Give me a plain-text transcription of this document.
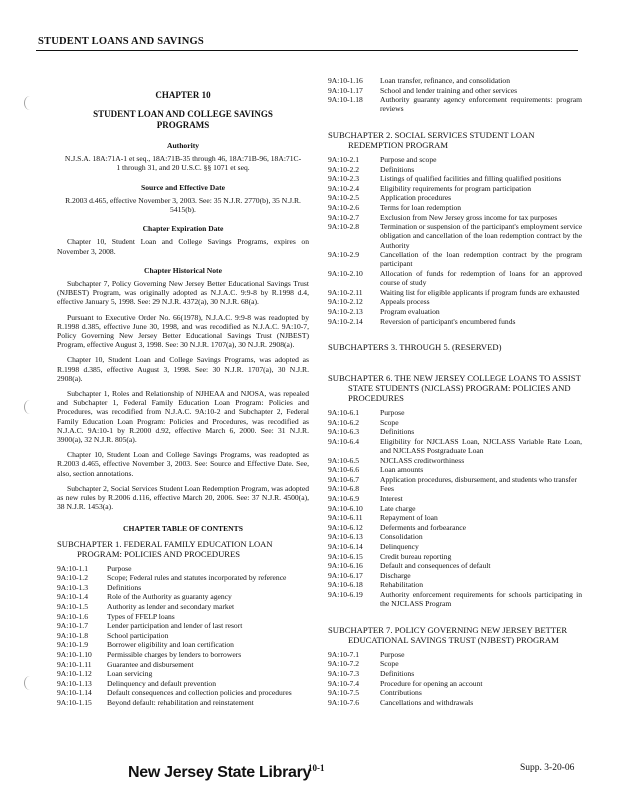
STUDENT LOANS AND SAVINGS
CHAPTER 10
STUDENT LOAN AND COLLEGE SAVINGS PROGRAMS
Authority
N.J.S.A. 18A:71A-1 et seq., 18A:71B-35 through 46, 18A:71B-96, 18A:71C-1 through 31, and 20 U.S.C. §§ 1071 et seq.
Source and Effective Date
R.2003 d.465, effective November 3, 2003. See: 35 N.J.R. 2770(b), 35 N.J.R. 5415(b).
Chapter Expiration Date
Chapter 10, Student Loan and College Savings Programs, expires on November 3, 2008.
Chapter Historical Note
Subchapter 7, Policy Governing New Jersey Better Educational Savings Trust (NJBEST) Program, was originally adopted as N.J.A.C. 9:9-8 by R.1998 d.4, effective January 5, 1998. See: 29 N.J.R. 4372(a), 30 N.J.R. 68(a).
Pursuant to Executive Order No. 66(1978), N.J.A.C. 9:9-8 was readopted by R.1998 d.385, effective June 30, 1998, and was recodified as N.J.A.C. 9A:10-7, Policy Governing New Jersey Better Educational Savings Trust (NJBEST) Program, effective August 3, 1998. See: 30 N.J.R. 1707(a), 30 N.J.R. 2908(a).
Chapter 10, Student Loan and College Savings Programs, was adopted as R.1998 d.385, effective August 3, 1998. See: 30 N.J.R. 1707(a), 30 N.J.R. 2908(a).
Subchapter 1, Roles and Relationship of NJHEAA and NJOSA, was repealed and Subchapter 1, Federal Family Education Loan Program: Policies and Procedures, was recodified from N.J.A.C. 9A:10-2 and Subchapter 2, Federal Family Education Loan Program: Policies and Procedures, was recodified as N.J.A.C. 9A:10-1 by R.2000 d.92, effective March 6, 2000. See: 31 N.J.R. 3900(a), 32 N.J.R. 805(a).
Chapter 10, Student Loan and College Savings Programs, was readopted as R.2003 d.465, effective November 3, 2003. See: Source and Effective Date. See, also, section annotations.
Subchapter 2, Social Services Student Loan Redemption Program, was adopted as new rules by R.2006 d.116, effective March 20, 2006. See: 37 N.J.R. 4500(a), 38 N.J.R. 1453(a).
CHAPTER TABLE OF CONTENTS
SUBCHAPTER 1. FEDERAL FAMILY EDUCATION LOAN PROGRAM: POLICIES AND PROCEDURES
9A:10-1.1	Purpose
9A:10-1.2	Scope; Federal rules and statutes incorporated by reference
9A:10-1.3	Definitions
9A:10-1.4	Role of the Authority as guaranty agency
9A:10-1.5	Authority as lender and secondary market
9A:10-1.6	Types of FFELP loans
9A:10-1.7	Lender participation and lender of last resort
9A:10-1.8	School participation
9A:10-1.9	Borrower eligibility and loan certification
9A:10-1.10	Permissible charges by lenders to borrowers
9A:10-1.11	Guarantee and disbursement
9A:10-1.12	Loan servicing
9A:10-1.13	Delinquency and default prevention
9A:10-1.14	Default consequences and collection policies and procedures
9A:10-1.15	Beyond default: rehabilitation and reinstatement
9A:10-1.16	Loan transfer, refinance, and consolidation
9A:10-1.17	School and lender training and other services
9A:10-1.18	Authority guaranty agency enforcement requirements: program reviews
SUBCHAPTER 2. SOCIAL SERVICES STUDENT LOAN REDEMPTION PROGRAM
9A:10-2.1	Purpose and scope
9A:10-2.2	Definitions
9A:10-2.3	Listings of qualified facilities and filling qualified positions
9A:10-2.4	Eligibility requirements for program participation
9A:10-2.5	Application procedures
9A:10-2.6	Terms for loan redemption
9A:10-2.7	Exclusion from New Jersey gross income for tax purposes
9A:10-2.8	Termination or suspension of the participant's employment service obligation and cancellation of the loan redemption contract by the Authority
9A:10-2.9	Cancellation of the loan redemption contract by the program participant
9A:10-2.10	Allocation of funds for redemption of loans for an approved course of study
9A:10-2.11	Waiting list for eligible applicants if program funds are exhausted
9A:10-2.12	Appeals process
9A:10-2.13	Program evaluation
9A:10-2.14	Reversion of participant's encumbered funds
SUBCHAPTERS 3. THROUGH 5. (RESERVED)
SUBCHAPTER 6. THE NEW JERSEY COLLEGE LOANS TO ASSIST STATE STUDENTS (NJCLASS) PROGRAM: POLICIES AND PROCEDURES
9A:10-6.1	Purpose
9A:10-6.2	Scope
9A:10-6.3	Definitions
9A:10-6.4	Eligibility for NJCLASS Loan, NJCLASS Variable Rate Loan, and NJCLASS Postgraduate Loan
9A:10-6.5	NJCLASS creditworthiness
9A:10-6.6	Loan amounts
9A:10-6.7	Application procedures, disbursement, and students who transfer
9A:10-6.8	Fees
9A:10-6.9	Interest
9A:10-6.10	Late charge
9A:10-6.11	Repayment of loan
9A:10-6.12	Deferments and forbearance
9A:10-6.13	Consolidation
9A:10-6.14	Delinquency
9A:10-6.15	Credit bureau reporting
9A:10-6.16	Default and consequences of default
9A:10-6.17	Discharge
9A:10-6.18	Rehabilitation
9A:10-6.19	Authority enforcement requirements for schools participating in the NJCLASS Program
SUBCHAPTER 7. POLICY GOVERNING NEW JERSEY BETTER EDUCATIONAL SAVINGS TRUST (NJBEST) PROGRAM
9A:10-7.1	Purpose
9A:10-7.2	Scope
9A:10-7.3	Definitions
9A:10-7.4	Procedure for opening an account
9A:10-7.5	Contributions
9A:10-7.6	Cancellations and withdrawals
New Jersey State Library
10-1	Supp. 3-20-06
